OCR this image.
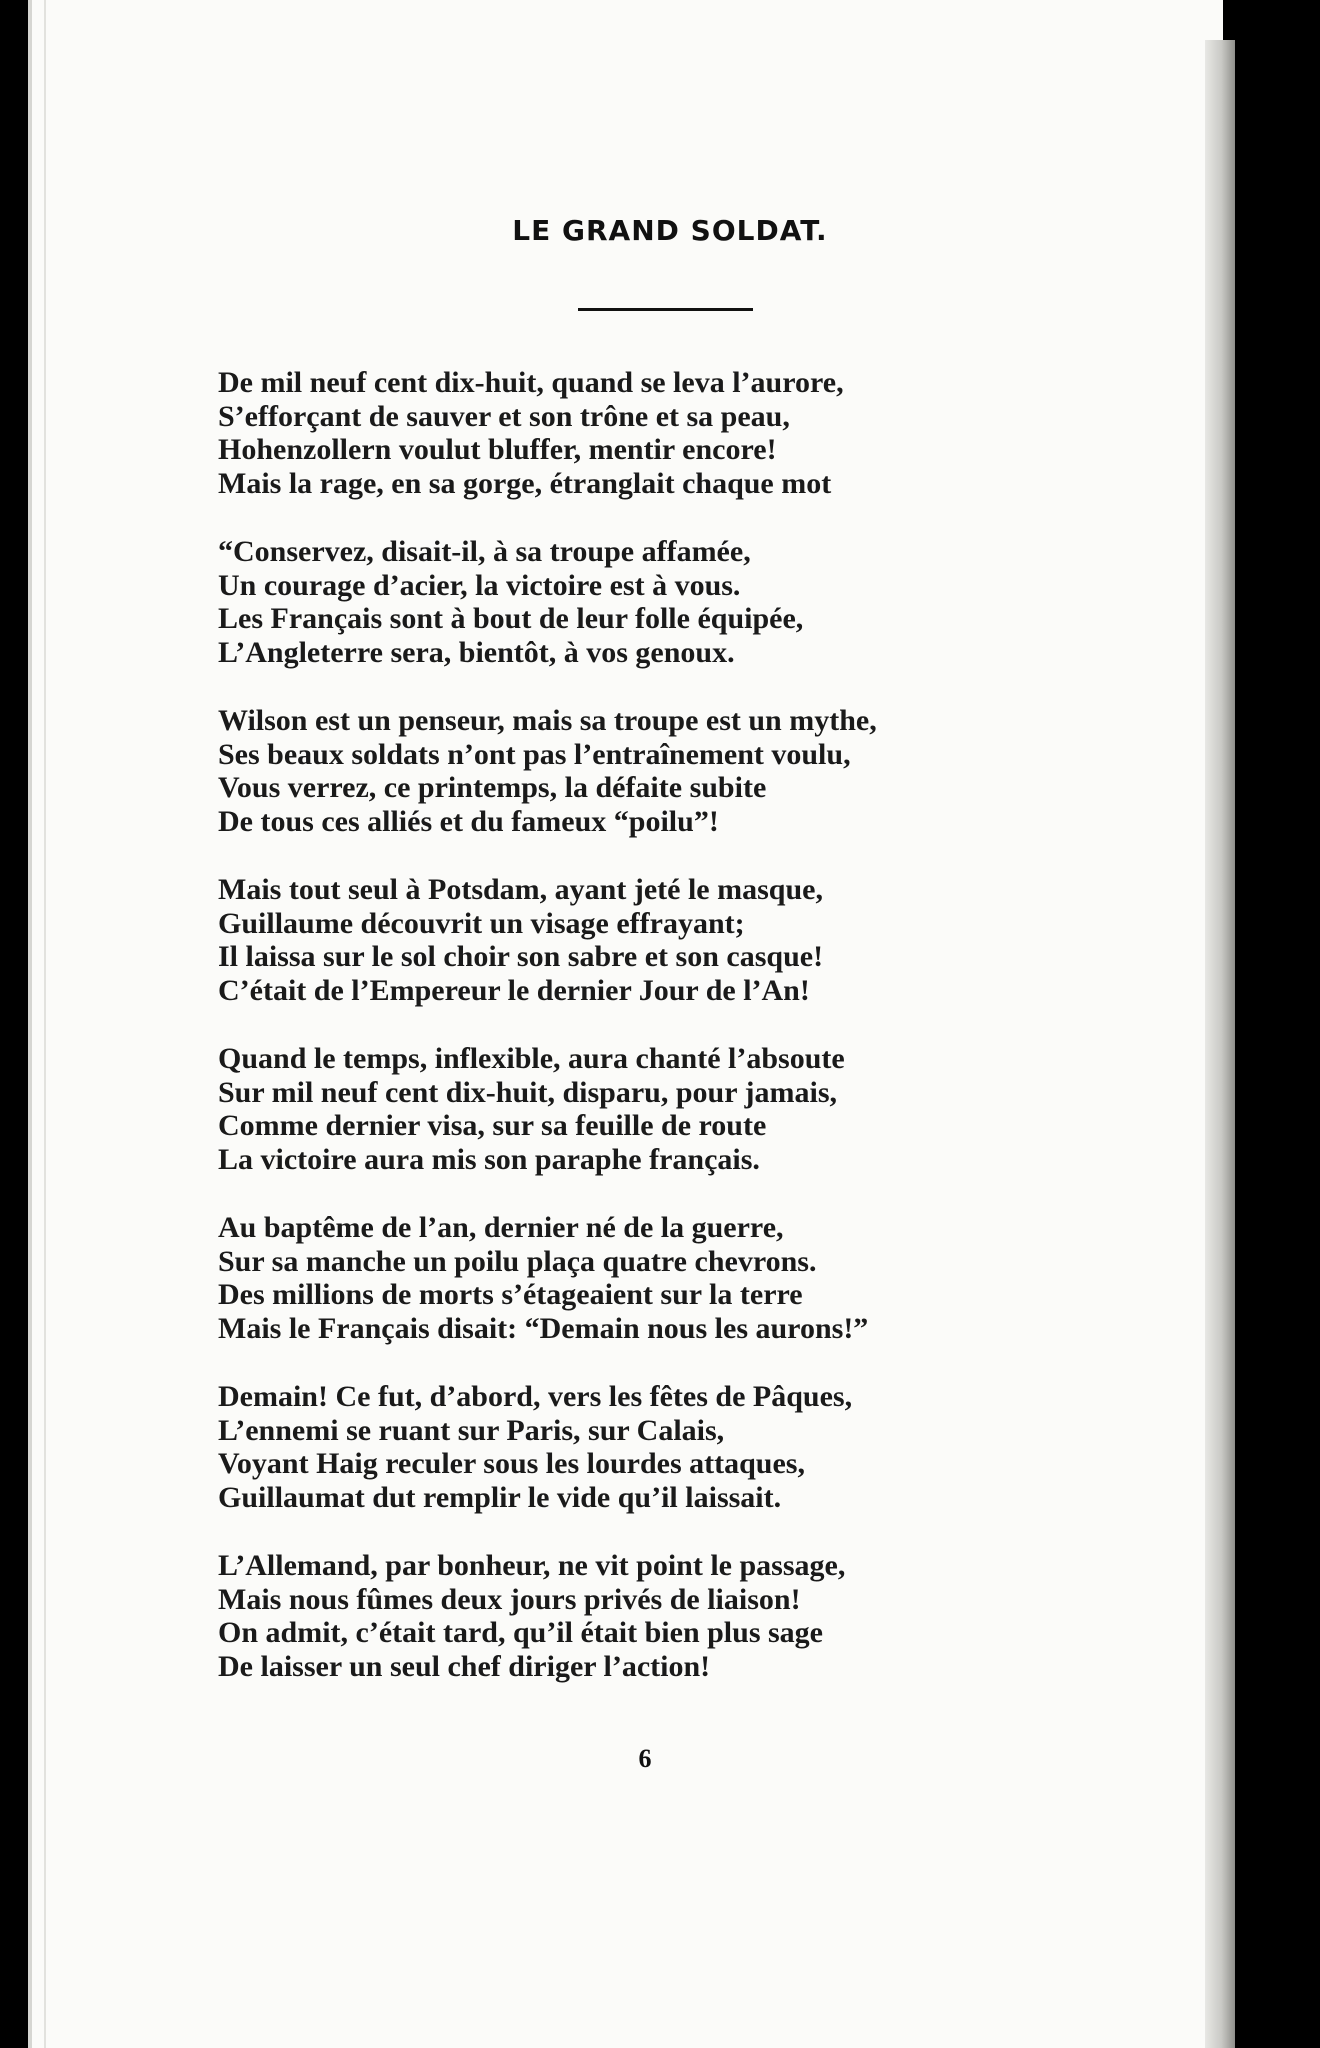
LE GRAND SOLDAT.
De mil neuf cent dix-huit, quand se leva l’aurore,
S’efforçant de sauver et son trône et sa peau,
Hohenzollern voulut bluffer, mentir encore!
Mais la rage, en sa gorge, étranglait chaque mot
“Conservez, disait-il, à sa troupe affamée,
Un courage d’acier, la victoire est à vous.
Les Français sont à bout de leur folle équipée,
L’Angleterre sera, bientôt, à vos genoux.
Wilson est un penseur, mais sa troupe est un mythe,
Ses beaux soldats n’ont pas l’entraînement voulu,
Vous verrez, ce printemps, la défaite subite
De tous ces alliés et du fameux “poilu”!
Mais tout seul à Potsdam, ayant jeté le masque,
Guillaume découvrit un visage effrayant;
Il laissa sur le sol choir son sabre et son casque!
C’était de l’Empereur le dernier Jour de l’An!
Quand le temps, inflexible, aura chanté l’absoute
Sur mil neuf cent dix-huit, disparu, pour jamais,
Comme dernier visa, sur sa feuille de route
La victoire aura mis son paraphe français.
Au baptême de l’an, dernier né de la guerre,
Sur sa manche un poilu plaça quatre chevrons.
Des millions de morts s’étageaient sur la terre
Mais le Français disait: “Demain nous les aurons!”
Demain! Ce fut, d’abord, vers les fêtes de Pâques,
L’ennemi se ruant sur Paris, sur Calais,
Voyant Haig reculer sous les lourdes attaques,
Guillaumat dut remplir le vide qu’il laissait.
L’Allemand, par bonheur, ne vit point le passage,
Mais nous fûmes deux jours privés de liaison!
On admit, c’était tard, qu’il était bien plus sage
De laisser un seul chef diriger l’action!
6
